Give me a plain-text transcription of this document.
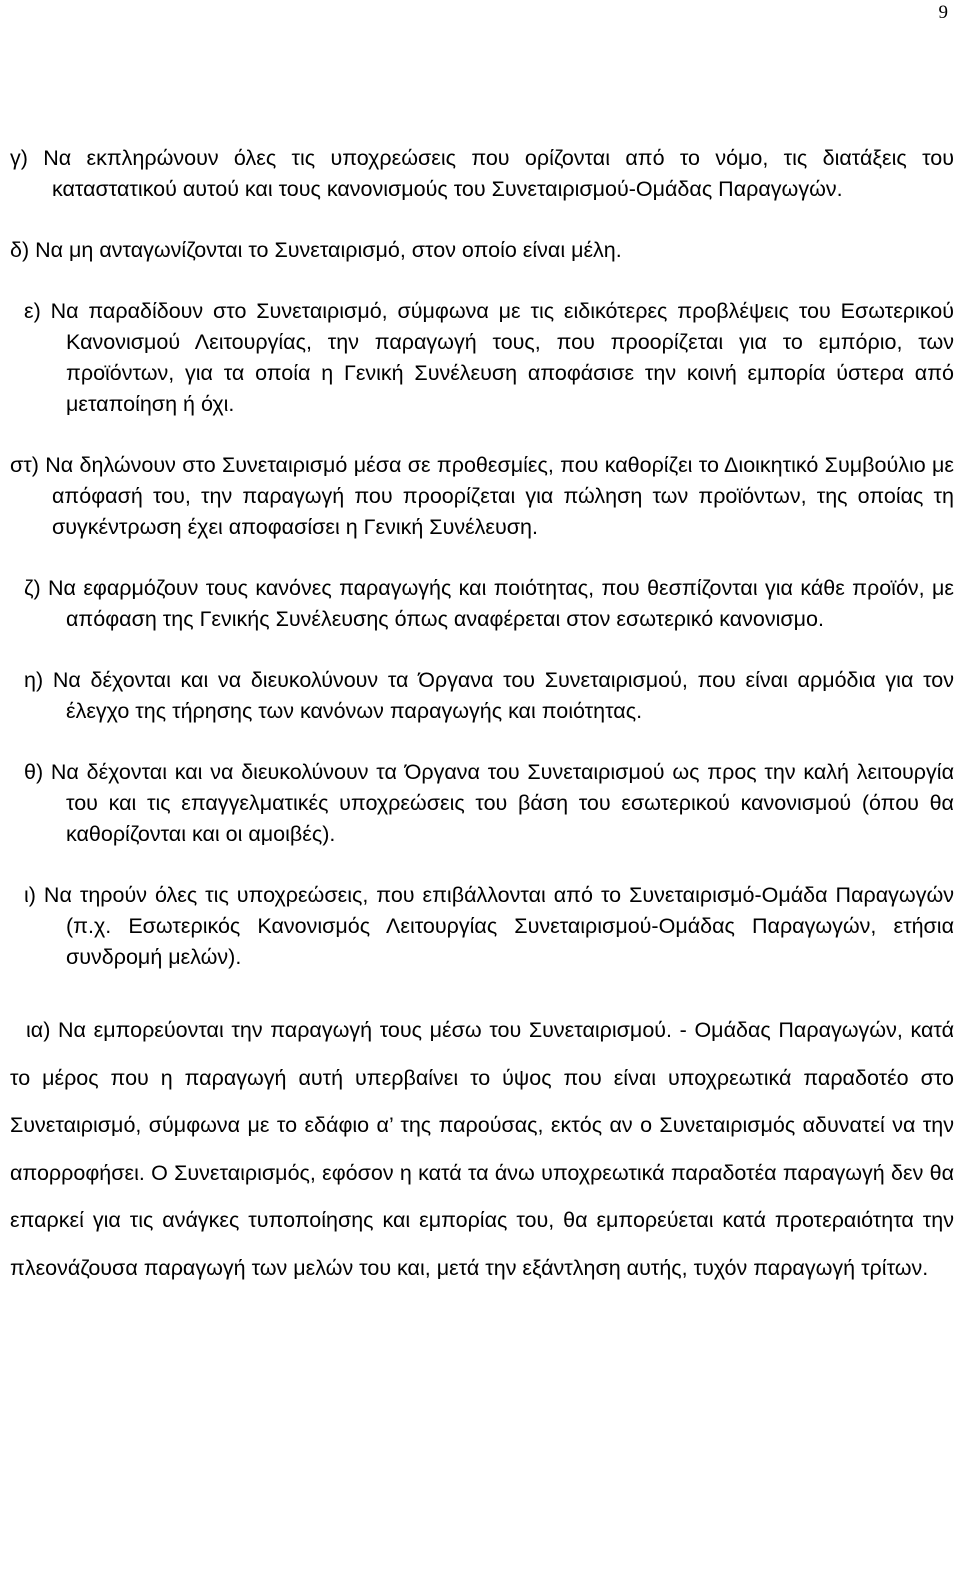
9

γ) Να εκπληρώνουν όλες τις υποχρεώσεις που ορίζονται από το νόμο, τις διατάξεις του καταστατικού αυτού και τους κανονισμούς του Συνεταιρισμού-Ομάδας Παραγωγών.

δ) Να μη ανταγωνίζονται το Συνεταιρισμό, στον οποίο είναι μέλη.

ε) Να παραδίδουν στο Συνεταιρισμό, σύμφωνα με τις ειδικότερες προβλέψεις του Εσωτερικού Κανονισμού Λειτουργίας, την παραγωγή τους, που προορίζεται για το εμπόριο, των προϊόντων, για τα οποία η Γενική Συνέλευση αποφάσισε την κοινή εμπορία ύστερα από μεταποίηση ή όχι.

στ) Να δηλώνουν στο Συνεταιρισμό μέσα σε προθεσμίες, που καθορίζει το Διοικητικό Συμβούλιο με απόφασή του, την παραγωγή που προορίζεται για πώληση των προϊόντων, της οποίας τη συγκέντρωση έχει αποφασίσει η Γενική Συνέλευση.

ζ) Να εφαρμόζουν τους κανόνες παραγωγής και ποιότητας, που θεσπίζονται για κάθε προϊόν, με απόφαση της Γενικής Συνέλευσης όπως αναφέρεται στον εσωτερικό κανονισμο.

η) Να δέχονται και να διευκολύνουν τα Όργανα του Συνεταιρισμού, που είναι αρμόδια για τον έλεγχο της τήρησης των κανόνων παραγωγής και ποιότητας.

θ) Να δέχονται και να διευκολύνουν τα Όργανα του Συνεταιρισμού ως προς την καλή λειτουργία του και τις επαγγελματικές υποχρεώσεις του βάση του εσωτερικού κανονισμού (όπου θα καθορίζονται και οι αμοιβές).

ι) Να τηρούν όλες τις υποχρεώσεις, που επιβάλλονται από το Συνεταιρισμό-Ομάδα Παραγωγών (π.χ. Εσωτερικός Κανονισμός Λειτουργίας Συνεταιρισμού-Ομάδας Παραγωγών, ετήσια συνδρομή μελών).

ια) Να εμπορεύονται την παραγωγή τους μέσω του Συνεταιρισμού. - Ομάδας Παραγωγών, κατά το μέρος που η παραγωγή αυτή υπερβαίνει το ύψος που είναι υποχρεωτικά παραδοτέο στο Συνεταιρισμό, σύμφωνα με το εδάφιο α’ της παρούσας, εκτός αν ο Συνεταιρισμός αδυνατεί να την απορροφήσει. Ο Συνεταιρισμός, εφόσον η κατά τα άνω υποχρεωτικά παραδοτέα παραγωγή δεν θα επαρκεί για τις ανάγκες τυποποίησης και εμπορίας του, θα εμπορεύεται κατά προτεραιότητα την πλεονάζουσα παραγωγή των μελών του και, μετά την εξάντληση αυτής, τυχόν παραγωγή τρίτων.
